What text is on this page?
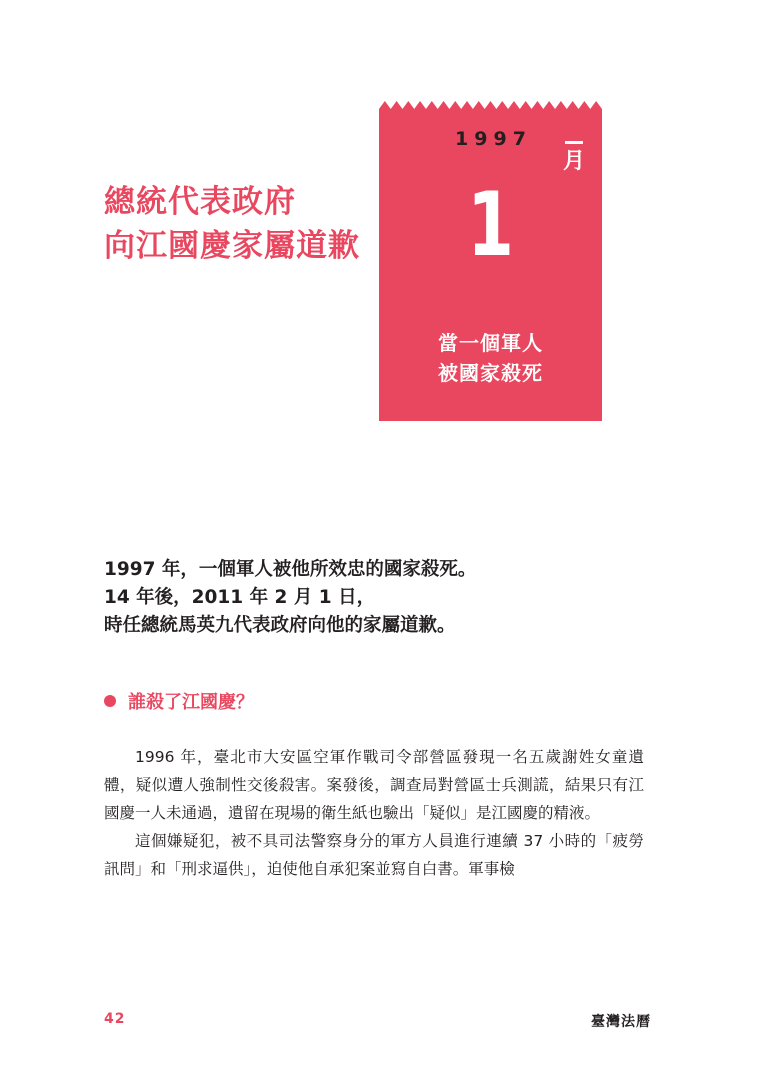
總統代表政府
向江國慶家屬道歉
1997
月
1
當一個軍人
被國家殺死
1997 年，一個軍人被他所效忠的國家殺死。
14 年後，2011 年 2 月 1 日，
時任總統馬英九代表政府向他的家屬道歉。
誰殺了江國慶？

1996 年，臺北市大安區空軍作戰司令部營區發現一名五歲謝姓女童遺體，疑似遭人強制性交後殺害。案發後，調查局對營區士兵測謊，結果只有江國慶一人未通過，遺留在現場的衛生紙也驗出「疑似」是江國慶的精液。

這個嫌疑犯，被不具司法警察身分的軍方人員進行連續 37 小時的「疲勞訊問」和「刑求逼供」，迫使他自承犯案並寫自白書。軍事檢

42	臺灣法曆
